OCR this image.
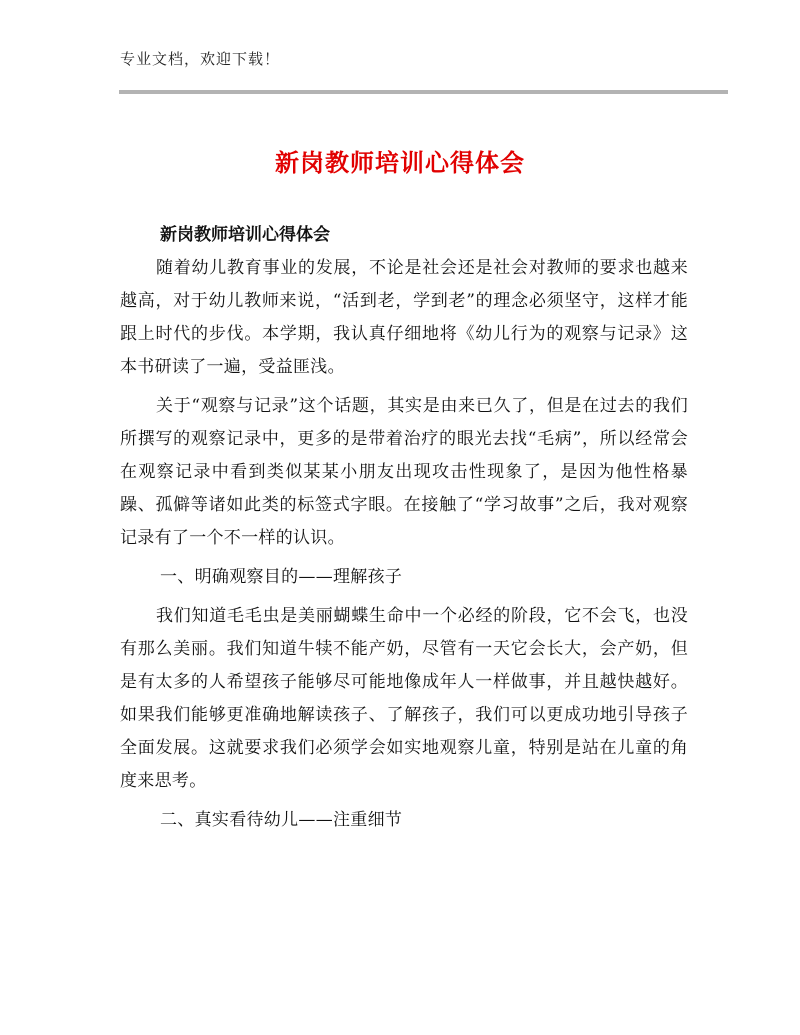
专业文档，欢迎下载！
新岗教师培训心得体会

新岗教师培训心得体会

随着幼儿教育事业的发展，不论是社会还是社会对教师的要求也越来越高，对于幼儿教师来说，“活到老，学到老”的理念必须坚守，这样才能跟上时代的步伐。本学期，我认真仔细地将《幼儿行为的观察与记录》这本书研读了一遍，受益匪浅。

关于“观察与记录”这个话题，其实是由来已久了，但是在过去的我们所撰写的观察记录中，更多的是带着治疗的眼光去找“毛病”，所以经常会在观察记录中看到类似某某小朋友出现攻击性现象了，是因为他性格暴躁、孤僻等诸如此类的标签式字眼。在接触了“学习故事”之后，我对观察记录有了一个不一样的认识。

一、明确观察目的——理解孩子

我们知道毛毛虫是美丽蝴蝶生命中一个必经的阶段，它不会飞，也没有那么美丽。我们知道牛犊不能产奶，尽管有一天它会长大，会产奶，但是有太多的人希望孩子能够尽可能地像成年人一样做事，并且越快越好。如果我们能够更准确地解读孩子、了解孩子，我们可以更成功地引导孩子全面发展。这就要求我们必须学会如实地观察儿童，特别是站在儿童的角度来思考。

二、真实看待幼儿——注重细节
